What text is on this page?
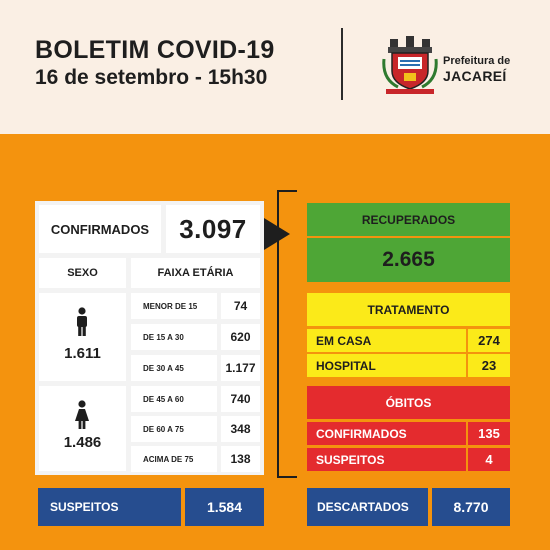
BOLETIM COVID-19
16 de setembro - 15h30
Prefeitura de
JACAREÍ
CONFIRMADOS	3.097
SEXO	FAIXA ETÁRIA
1.611
1.486
MENOR DE 15	74
DE 15 A 30	620
DE 30 A 45	1.177
DE 45 A 60	740
DE 60 A 75	348
ACIMA DE 75	138
RECUPERADOS
2.665
TRATAMENTO
EM CASA	274
HOSPITAL	23
ÓBITOS
CONFIRMADOS	135
SUSPEITOS	4
SUSPEITOS	1.584	DESCARTADOS	8.770
